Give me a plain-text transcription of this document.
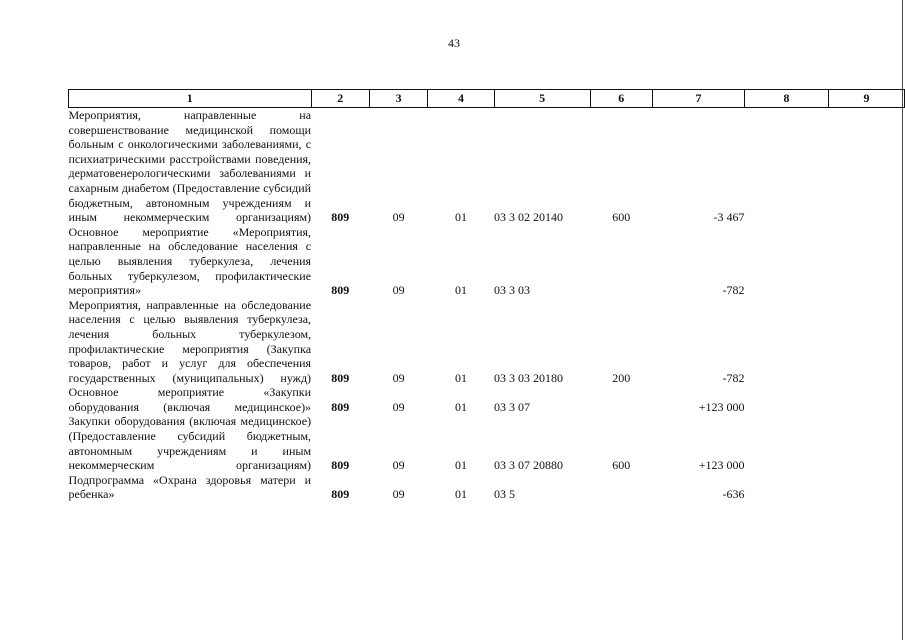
43
1	2	3	4	5	6	7	8	9
Мероприятия, направленные на совершенствование медицинской помощи больным с онкологическими заболеваниями, с психиатрическими расстройствами поведения, дерматовенерологическими заболеваниями и сахарным диабетом (Предоставление субсидий бюджетным, автономным учреждениям и иным некоммерческим организациям)	809	09	01	03 3 02 20140	600	-3 467		
Основное мероприятие «Мероприятия, направленные на обследование населения с целью выявления туберкулеза, лечения больных туберкулезом, профилактические мероприятия»	809	09	01	03 3 03		-782		
Мероприятия, направленные на обследование населения с целью выявления туберкулеза, лечения больных туберкулезом, профилактические мероприятия (Закупка товаров, работ и услуг для обеспечения государственных (муниципальных) нужд)	809	09	01	03 3 03 20180	200	-782		
Основное мероприятие «Закупки оборудования (включая медицинское)»	809	09	01	03 3 07		+123 000		
Закупки оборудования (включая медицинское) (Предоставление субсидий бюджетным, автономным учреждениям и иным некоммерческим организациям)	809	09	01	03 3 07 20880	600	+123 000		
Подпрограмма «Охрана здоровья матери и ребенка»	809	09	01	03 5		-636		
